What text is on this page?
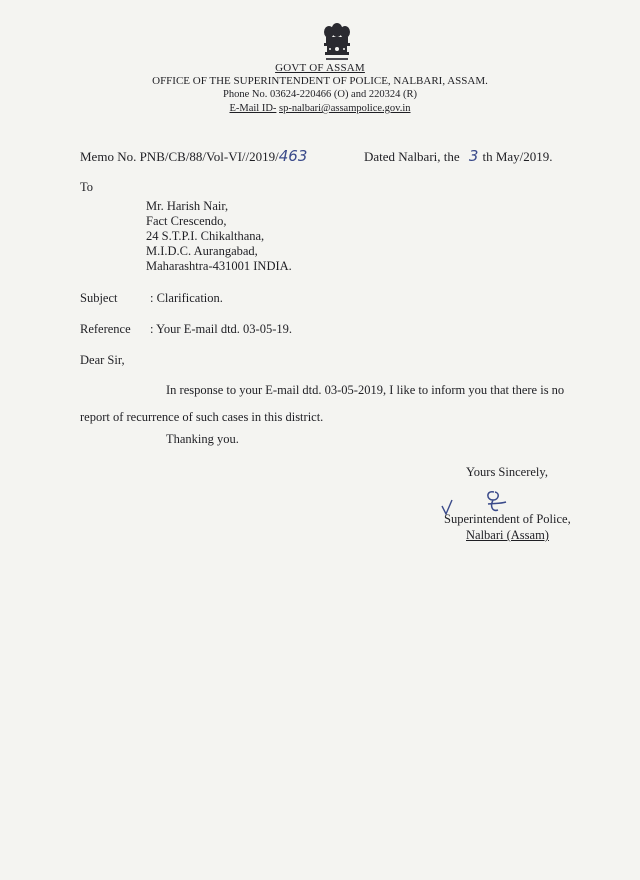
GOVT OF ASSAM
OFFICE OF THE SUPERINTENDENT OF POLICE, NALBARI, ASSAM.
Phone No. 03624-220466 (O) and 220324 (R)
E-Mail ID- sp-nalbari@assampolice.gov.in
Memo No. PNB/CB/88/Vol-VI//2019/463	Dated Nalbari, the 3 th May/2019.
To
Mr. Harish Nair,
Fact Crescendo,
24 S.T.P.I. Chikalthana,
M.I.D.C. Aurangabad,
Maharashtra-431001 INDIA.
Subject	: Clarification.
Reference : Your E-mail dtd. 03-05-19.
Dear Sir,
In response to your E-mail dtd. 03-05-2019, I like to inform you that there is no
report of recurrence of such cases in this district.
Thanking you.
Yours Sincerely,
Superintendent of Police,
Nalbari (Assam)
